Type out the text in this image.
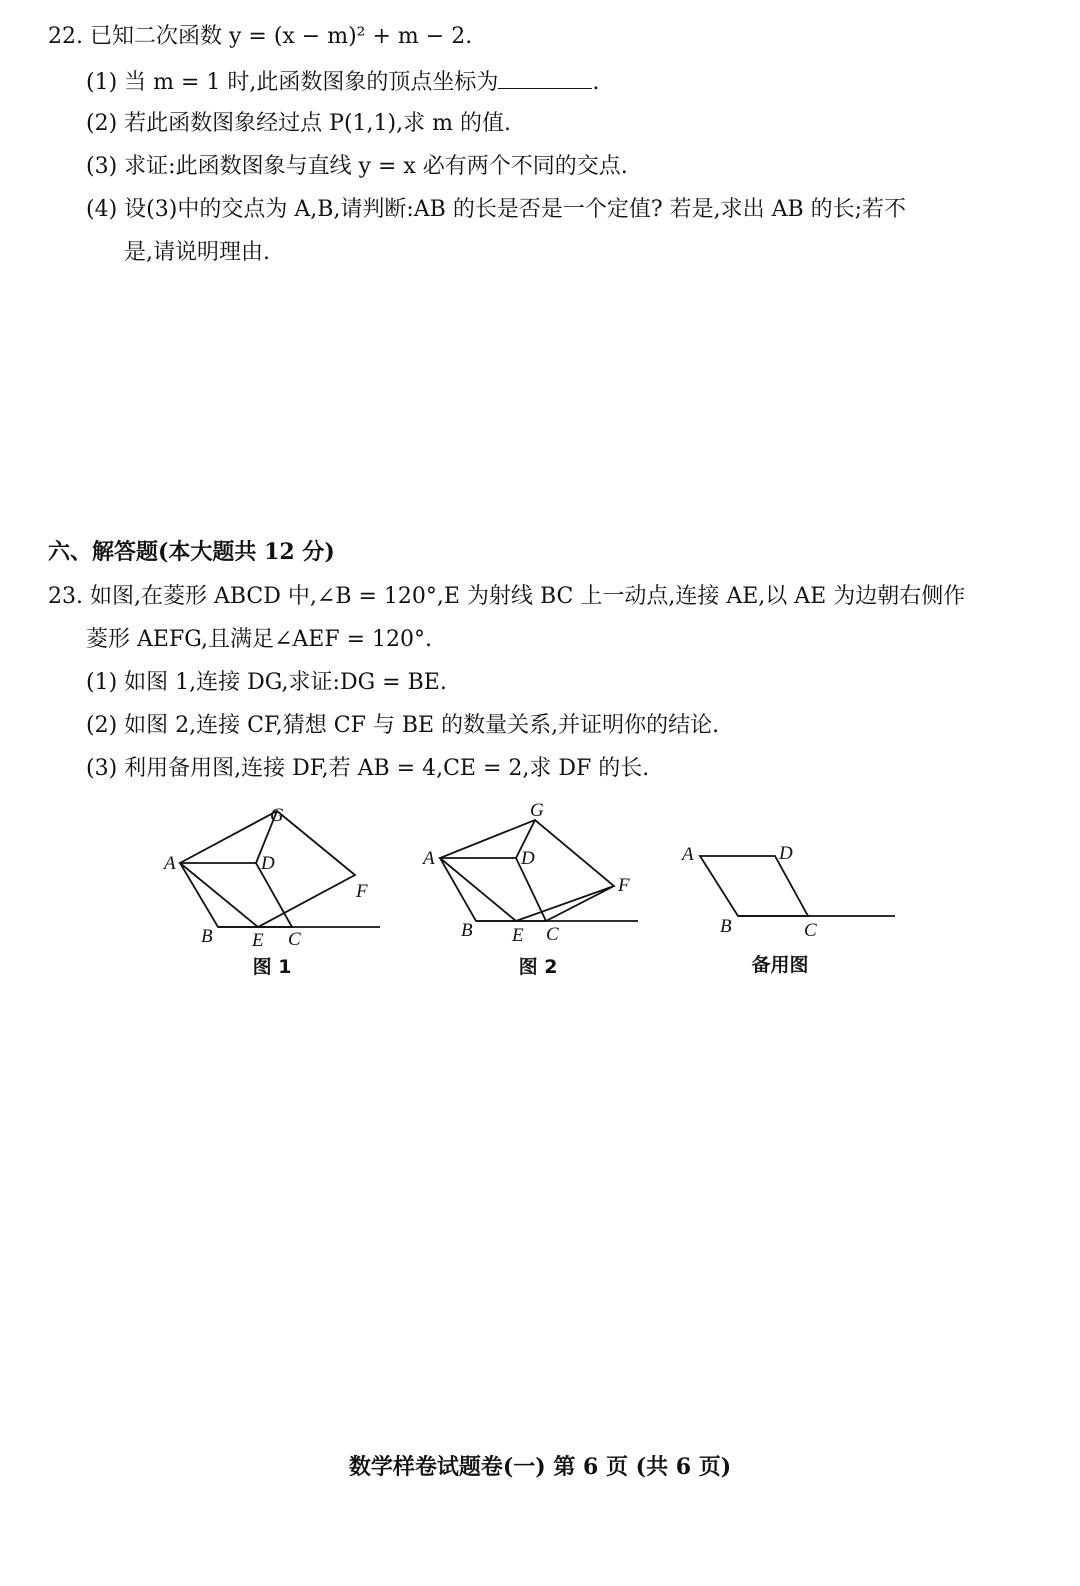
22. 已知二次函数 y = (x − m)² + m − 2.
(1) 当 m = 1 时,此函数图象的顶点坐标为	.
(2) 若此函数图象经过点 P(1,1),求 m 的值.
(3) 求证:此函数图象与直线 y = x 必有两个不同的交点.
(4) 设(3)中的交点为 A,B,请判断:AB 的长是否是一个定值? 若是,求出 AB 的长;若不
是,请说明理由.
六、解答题(本大题共 12 分)
23. 如图,在菱形 ABCD 中,∠B = 120°,E 为射线 BC 上一动点,连接 AE,以 AE 为边朝右侧作
菱形 AEFG,且满足∠AEF = 120°.
(1) 如图 1,连接 DG,求证:DG = BE.
(2) 如图 2,连接 CF,猜想 CF 与 BE 的数量关系,并证明你的结论.
(3) 利用备用图,连接 DF,若 AB = 4,CE = 2,求 DF 的长.
A
B	C
D
E
F
G
A
B	C
D
E
F
G
A
B	C
D
图 1	图 2	备用图
数学样卷试题卷(一) 第 6 页 (共 6 页)
